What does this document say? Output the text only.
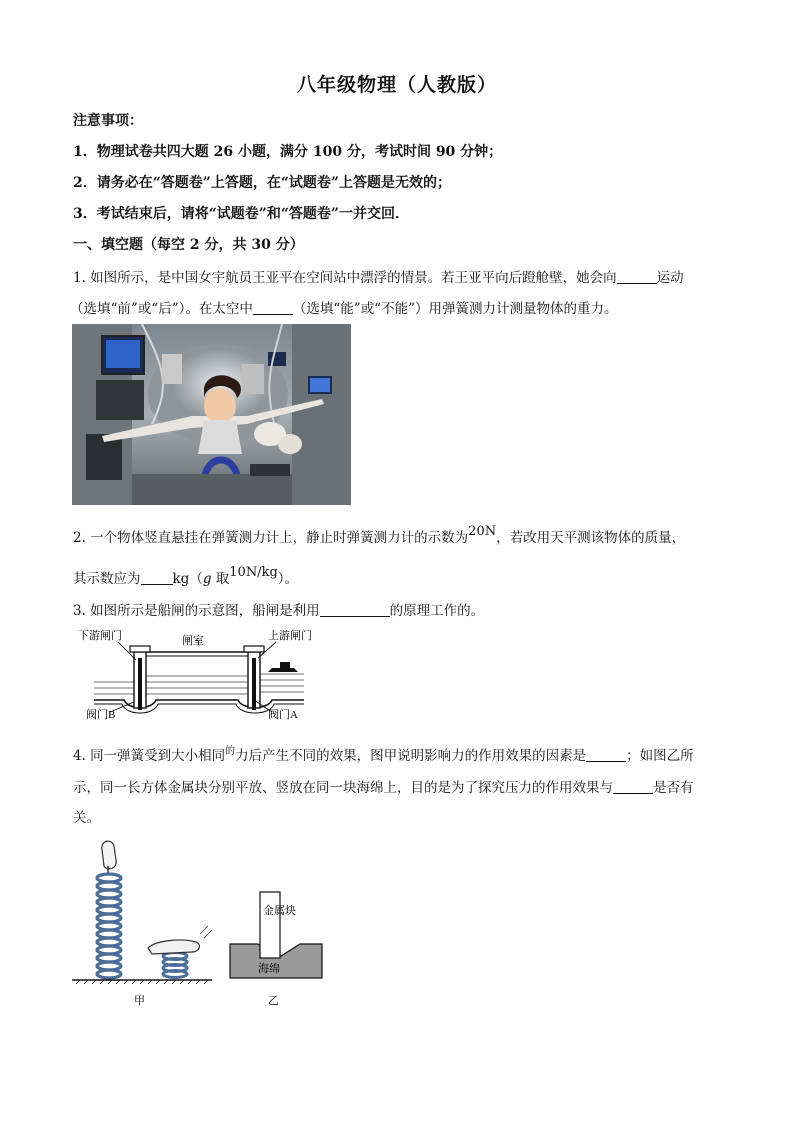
八年级物理（人教版）
注意事项：
1．物理试卷共四大题 26 小题，满分 100 分，考试时间 90 分钟；
2．请务必在“答题卷”上答题，在“试题卷”上答题是无效的；
3．考试结束后，请将“试题卷”和“答题卷”一并交回．
一、填空题（每空 2 分，共 30 分）
1. 如图所示，是中国女宇航员王亚平在空间站中漂浮的情景。若王亚平向后蹬舱壁，她会向	运动
（选填“前”或“后”）。在太空中	（选填“能”或“不能”）用弹簧测力计测量物体的重力。
2. 一个物体竖直悬挂在弹簧测力计上，静止时弹簧测力计的示数为20N，若改用天平测该物体的质量，
其示数应为 kg（g 取10N/kg）。
3. 如图所示是船闸的示意图，船闸是利用	的原理工作的。
下游闸门	闸室	上游闸门
阀门B	阀门A
4. 同一弹簧受到大小相同$^的$力后产生不同的效果，图甲说明影响力的作用效果的因素是	；如图乙所
示，同一长方体金属块分别平放、竖放在同一块海绵上，目的是为了探究压力的作用效果与	是否有
关。
金属块
海绵
甲	乙
